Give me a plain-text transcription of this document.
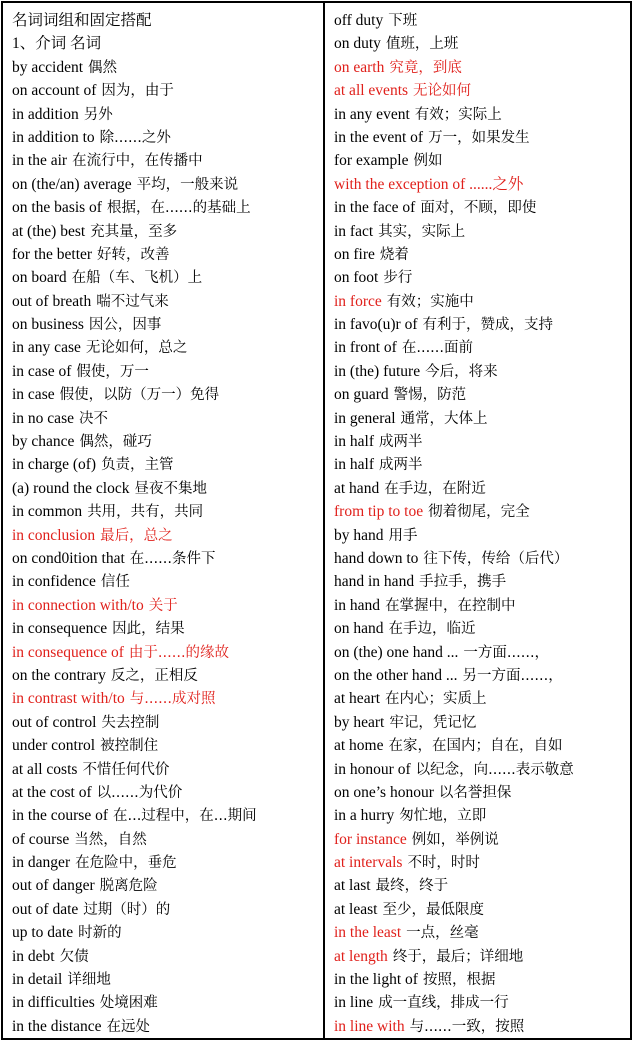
名词词组和固定搭配
1、介词 名词
by accident 偶然
on account of 因为，由于
in addition 另外
in addition to 除......之外
in the air 在流行中，在传播中
on (the/an) average 平均，一般来说
on the basis of 根据，在......的基础上
at (the) best 充其量，至多
for the better 好转，改善
on board 在船（车、飞机）上
out of breath 喘不过气来
on business 因公，因事
in any case 无论如何，总之
in case of 假使，万一
in case 假使，以防（万一）免得
in no case 决不
by chance 偶然，碰巧
in charge (of) 负责，主管
(a) round the clock 昼夜不集地
in common 共用，共有，共同
in conclusion 最后，总之
on cond0ition that 在......条件下
in confidence 信任
in connection with/to 关于
in consequence 因此，结果
in consequence of 由于......的缘故
on the contrary 反之，正相反
in contrast with/to 与......成对照
out of control 失去控制
under control 被控制住
at all costs 不惜任何代价
at the cost of 以......为代价
in the course of 在...过程中，在...期间
of course 当然，自然
in danger 在危险中，垂危
out of danger 脱离危险
out of date 过期（时）的
up to date 时新的
in debt 欠债
in detail 详细地
in difficulties 处境困难
in the distance 在远处
off duty 下班
on duty 值班，上班
on earth 究竟，到底
at all events 无论如何
in any event 有效；实际上
in the event of 万一，如果发生
for example 例如
with the exception of ......之外
in the face of 面对，不顾，即使
in fact 其实，实际上
on fire 烧着
on foot 步行
in force 有效；实施中
in favo(u)r of 有利于，赞成，支持
in front of 在......面前
in (the) future 今后，将来
on guard 警惕，防范
in general 通常，大体上
in half 成两半
in half 成两半
at hand 在手边，在附近
from tip to toe 彻着彻尾，完全
by hand 用手
hand down to 往下传，传给（后代）
hand in hand 手拉手，携手
in hand 在掌握中，在控制中
on hand 在手边，临近
on (the) one hand ... 一方面......，
on the other hand ... 另一方面......，
at heart 在内心；实质上
by heart 牢记，凭记忆
at home 在家，在国内；自在，自如
in honour of 以纪念，向......表示敬意
on one’s honour 以名誉担保
in a hurry 匆忙地，立即
for instance 例如，举例说
at intervals 不时，时时
at last 最终，终于
at least 至少，最低限度
in the least 一点，丝毫
at length 终于，最后；详细地
in the light of 按照，根据
in line 成一直线，排成一行
in line with 与......一致，按照
